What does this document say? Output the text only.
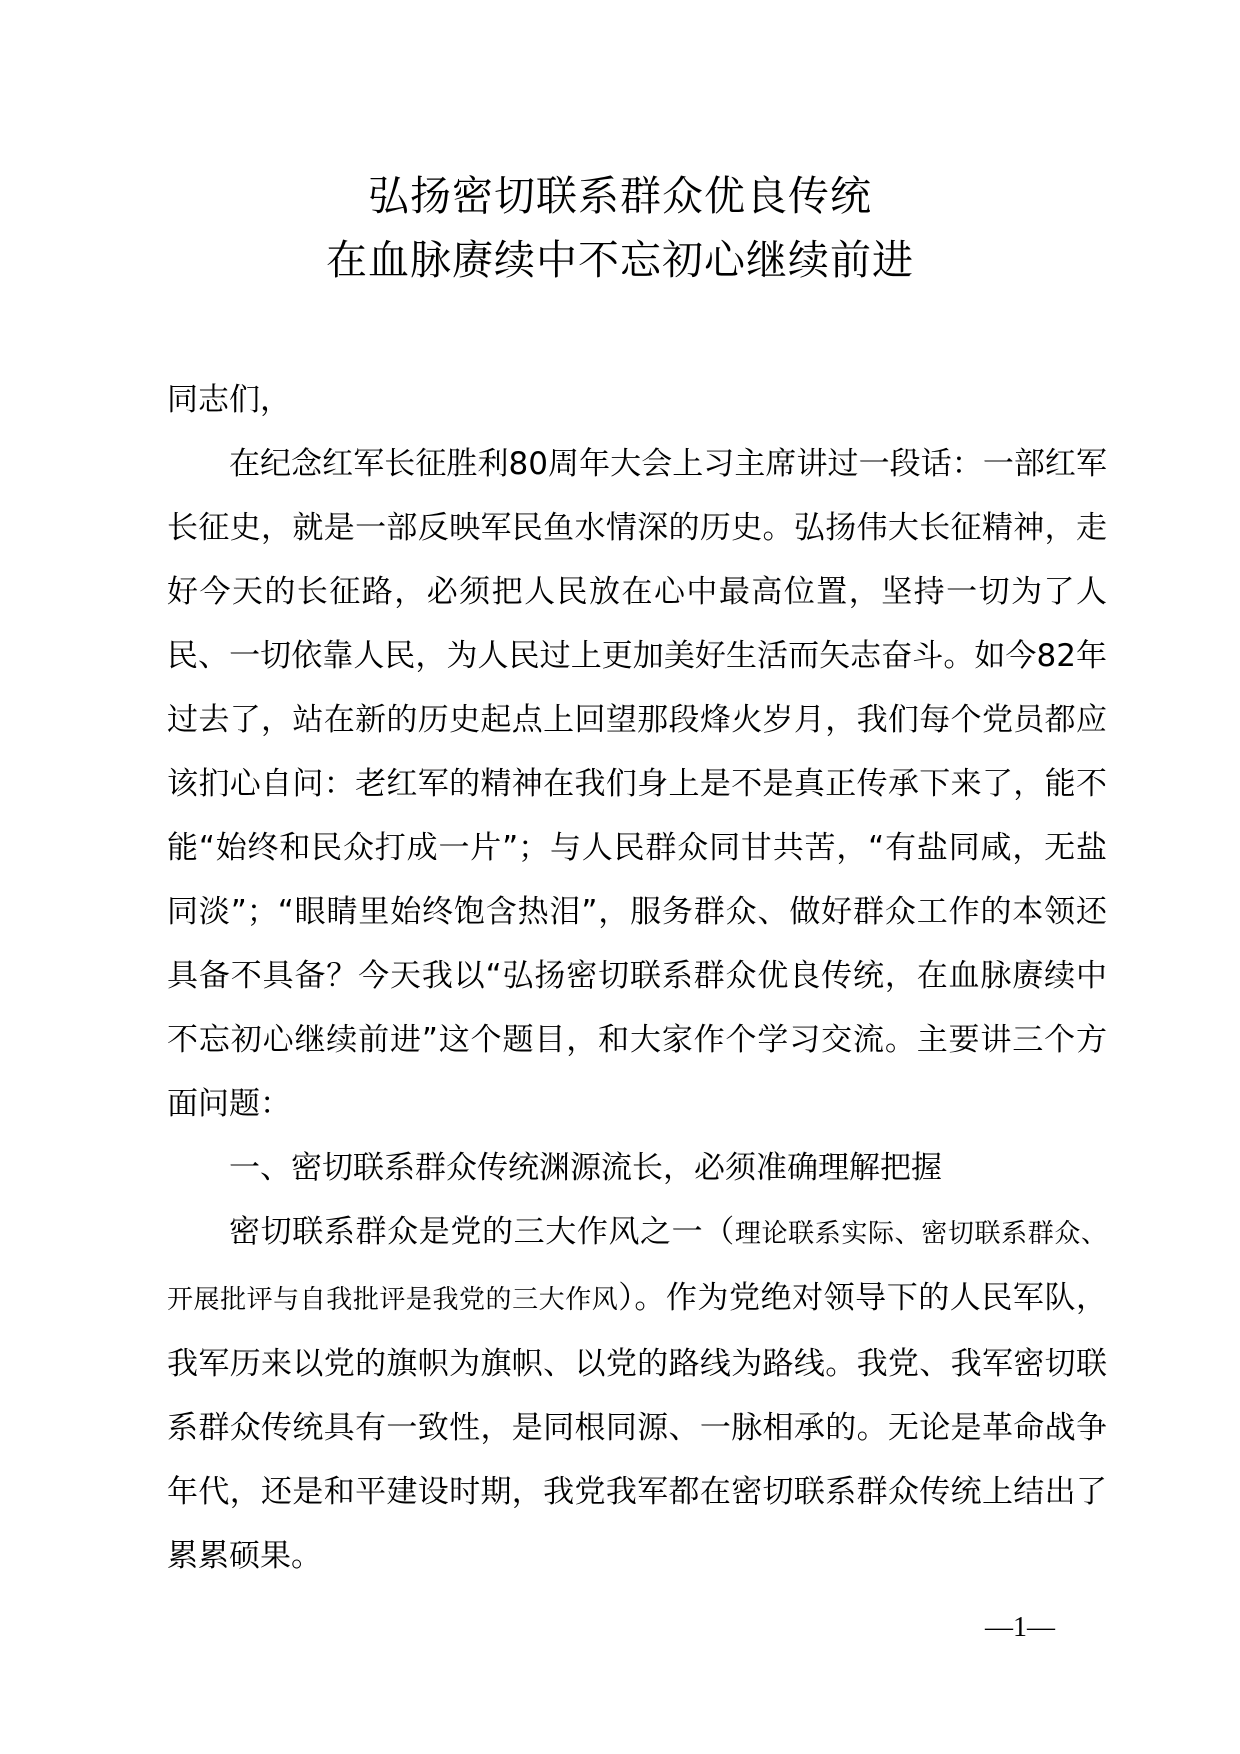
弘扬密切联系群众优良传统
在血脉赓续中不忘初心继续前进

同志们，

在纪念红军长征胜利80周年大会上习主席讲过一段话：一部红军长征史，就是一部反映军民鱼水情深的历史。弘扬伟大长征精神，走好今天的长征路，必须把人民放在心中最高位置，坚持一切为了人民、一切依靠人民，为人民过上更加美好生活而矢志奋斗。如今82年过去了，站在新的历史起点上回望那段烽火岁月，我们每个党员都应该扪心自问：老红军的精神在我们身上是不是真正传承下来了，能不能“始终和民众打成一片”；与人民群众同甘共苦，“有盐同咸，无盐同淡”；“眼睛里始终饱含热泪”，服务群众、做好群众工作的本领还具备不具备？今天我以“弘扬密切联系群众优良传统，在血脉赓续中不忘初心继续前进”这个题目，和大家作个学习交流。主要讲三个方面问题：

一、密切联系群众传统渊源流长，必须准确理解把握

密切联系群众是党的三大作风之一（理论联系实际、密切联系群众、开展批评与自我批评是我党的三大作风）。作为党绝对领导下的人民军队，我军历来以党的旗帜为旗帜、以党的路线为路线。我党、我军密切联系群众传统具有一致性，是同根同源、一脉相承的。无论是革命战争年代，还是和平建设时期，我党我军都在密切联系群众传统上结出了累累硕果。

—1—
